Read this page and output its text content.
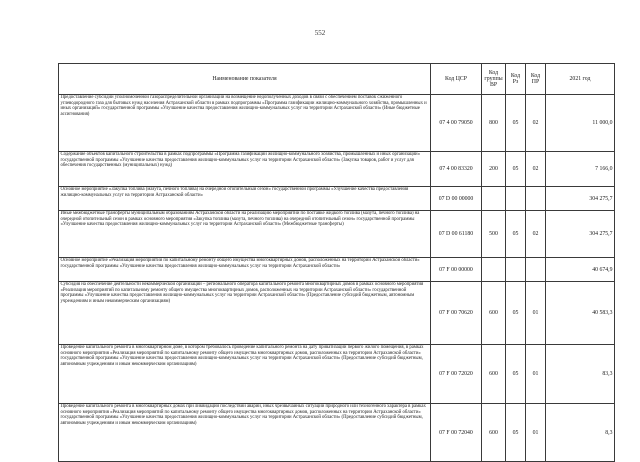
552
Наименование показателя	Код ЦСР	Код группы ВР	Код Рз	Код ПР	2021 год
Предоставление субсидий уполномоченной газораспределительной организации на возмещение недополученных доходов в связи с обеспечением поставок сжиженного углеводородного газа для бытовых нужд населения Астраханской области в рамках подпрограммы «Программа газификации жилищно-коммунального хозяйства, промышленных и иных организаций» государственной программы «Улучшение качества предоставления жилищно-коммунальных услуг на территории Астраханской области» (Иные бюджетные ассигнования)	07 4 00 79050	800	05	02	11 000,0
Содержание объектов капитального строительства в рамках подпрограммы «Программа газификации жилищно-коммунального хозяйства, промышленных и иных организаций» государственной программы «Улучшение качества предоставления жилищно-коммунальных услуг на территории Астраханской области» (Закупка товаров, работ и услуг для обеспечения государственных (муниципальных) нужд)	07 4 00 83320	200	05	02	7 166,0
Основное мероприятие «Закупка топлива (мазута, печного топлива) на очередной отопительный сезон» государственной программы «Улучшение качества предоставления жилищно-коммунальных услуг на территории Астраханской области»	07 D 00 00000				304 275,7
Иные межбюджетные трансферты муниципальным образованиям Астраханской области на реализацию мероприятий по поставке жидкого топлива (мазута, печного топлива) на очередной отопительный сезон в рамках основного мероприятия «Закупка топлива (мазута, печного топлива) на очередной отопительный сезон» государственной программы «Улучшение качества предоставления жилищно-коммунальных услуг на территории Астраханской области» (Межбюджетные трансферты)	07 D 00 61180	500	05	02	304 275,7
Основное мероприятие «Реализация мероприятий по капитальному ремонту общего имущества многоквартирных домов, расположенных на территории Астраханской области» государственной программы «Улучшение качества предоставления жилищно-коммунальных услуг на территории Астраханской области»	07 F 00 00000				40 674,9
Субсидия на обеспечение деятельности некоммерческой организации – регионального оператора капитального ремонта многоквартирных домов в рамках основного мероприятия «Реализация мероприятий по капитальному ремонту общего имущества многоквартирных домов, расположенных на территории Астраханской области» государственной программы «Улучшение качества предоставления жилищно-коммунальных услуг на территории Астраханской области» (Предоставление субсидий бюджетным, автономным учреждениям и иным некоммерческим организациям)	07 F 00 70620	600	05	01	40 583,3
Проведение капитального ремонта в многоквартирном доме, в котором требовалось проведение капитального ремонта на дату приватизации первого жилого помещения, в рамках основного мероприятия «Реализация мероприятий по капитальному ремонту общего имущества многоквартирных домов, расположенных на территории Астраханской области» государственной программы «Улучшение качества предоставления жилищно-коммунальных услуг на территории Астраханской области» (Предоставление субсидий бюджетным, автономным учреждениям и иным некоммерческим организациям)	07 F 00 72020	600	05	01	83,3
Проведение капитального ремонта в многоквартирных домах при ликвидации последствий аварии, иных чрезвычайных ситуаций природного или техногенного характера в рамках основного мероприятия «Реализация мероприятий по капитальному ремонту общего имущества многоквартирных домов, расположенных на территории Астраханской области» государственной программы «Улучшение качества предоставления жилищно-коммунальных услуг на территории Астраханской области» (Предоставление субсидий бюджетным, автономным учреждениям и иным некоммерческим организациям)	07 F 00 72040	600	05	01	8,3
